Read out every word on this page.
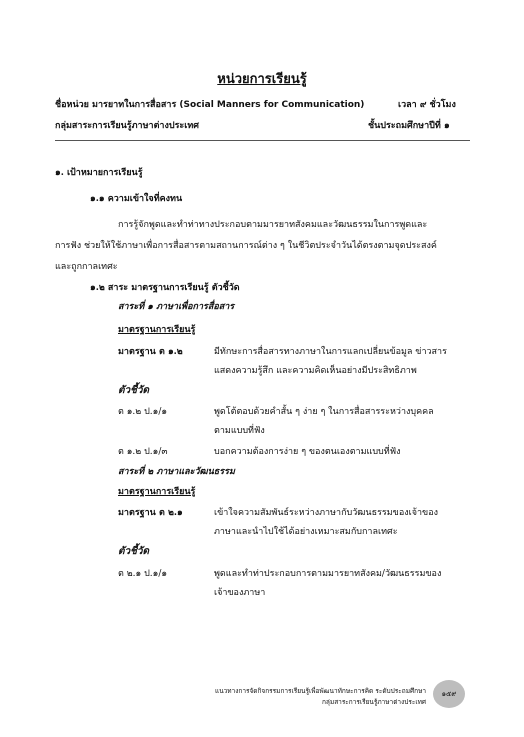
หน่วยการเรียนรู้
ชื่อหน่วย มารยาทในการสื่อสาร (Social Manners for Communication)	เวลา ๙ ชั่วโมง
กลุ่มสาระการเรียนรู้ภาษาต่างประเทศ	ชั้นประถมศึกษาปีที่ ๑
๑. เป้าหมายการเรียนรู้
๑.๑ ความเข้าใจที่คงทน
การรู้จักพูดและทำท่าทางประกอบตามมารยาทสังคมและวัฒนธรรมในการพูดและ
การฟัง ช่วยให้ใช้ภาษาเพื่อการสื่อสารตามสถานการณ์ต่าง ๆ ในชีวิตประจำวันได้ตรงตามจุดประสงค์
และถูกกาลเทศะ
๑.๒ สาระ มาตรฐานการเรียนรู้ ตัวชี้วัด
สาระที่ ๑ ภาษาเพื่อการสื่อสาร
มาตรฐานการเรียนรู้
มาตรฐาน ต ๑.๒	มีทักษะการสื่อสารทางภาษาในการแลกเปลี่ยนข้อมูล ข่าวสาร
แสดงความรู้สึก และความคิดเห็นอย่างมีประสิทธิภาพ
ตัวชี้วัด
ต ๑.๒ ป.๑/๑	พูดโต้ตอบด้วยคำสั้น ๆ ง่าย ๆ ในการสื่อสารระหว่างบุคคล
ตามแบบที่ฟัง
ต ๑.๒ ป.๑/๓	บอกความต้องการง่าย ๆ ของตนเองตามแบบที่ฟัง
สาระที่ ๒ ภาษาและวัฒนธรรม
มาตรฐานการเรียนรู้
มาตรฐาน ต ๒.๑	เข้าใจความสัมพันธ์ระหว่างภาษากับวัฒนธรรมของเจ้าของ
ภาษาและนำไปใช้ได้อย่างเหมาะสมกับกาลเทศะ
ตัวชี้วัด
ต ๒.๑ ป.๑/๑	พูดและทำท่าประกอบการตามมารยาทสังคม/วัฒนธรรมของ
เจ้าของภาษา
แนวทางการจัดกิจกรรมการเรียนรู้เพื่อพัฒนาทักษะการคิด ระดับประถมศึกษา
กลุ่มสาระการเรียนรู้ภาษาต่างประเทศ
๑๕๙
